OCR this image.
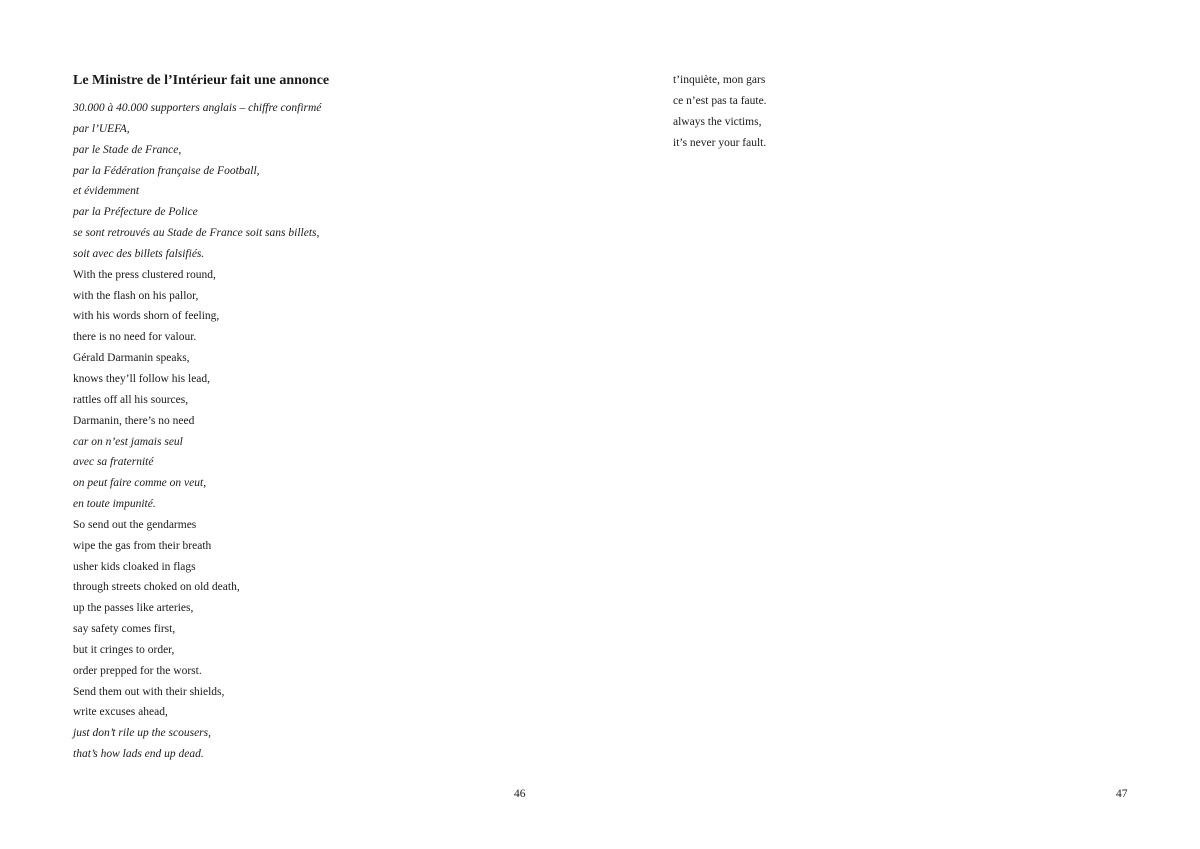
Le Ministre de l’Intérieur fait une annonce
30.000 à 40.000 supporters anglais – chiffre confirmé
par l’UEFA,
par le Stade de France,
par la Fédération française de Football,
et évidemment
par la Préfecture de Police
se sont retrouvés au Stade de France soit sans billets,
soit avec des billets falsifiés.
With the press clustered round,
with the flash on his pallor,
with his words shorn of feeling,
there is no need for valour.
Gérald Darmanin speaks,
knows they’ll follow his lead,
rattles off all his sources,
Darmanin, there’s no need
car on n’est jamais seul
avec sa fraternité
on peut faire comme on veut,
en toute impunité.
So send out the gendarmes
wipe the gas from their breath
usher kids cloaked in flags
through streets choked on old death,
up the passes like arteries,
say safety comes first,
but it cringes to order,
order prepped for the worst.
Send them out with their shields,
write excuses ahead,
just don’t rile up the scousers,
that’s how lads end up dead.
46
t’inquiète, mon gars
ce n’est pas ta faute.
always the victims,
it’s never your fault.
47
